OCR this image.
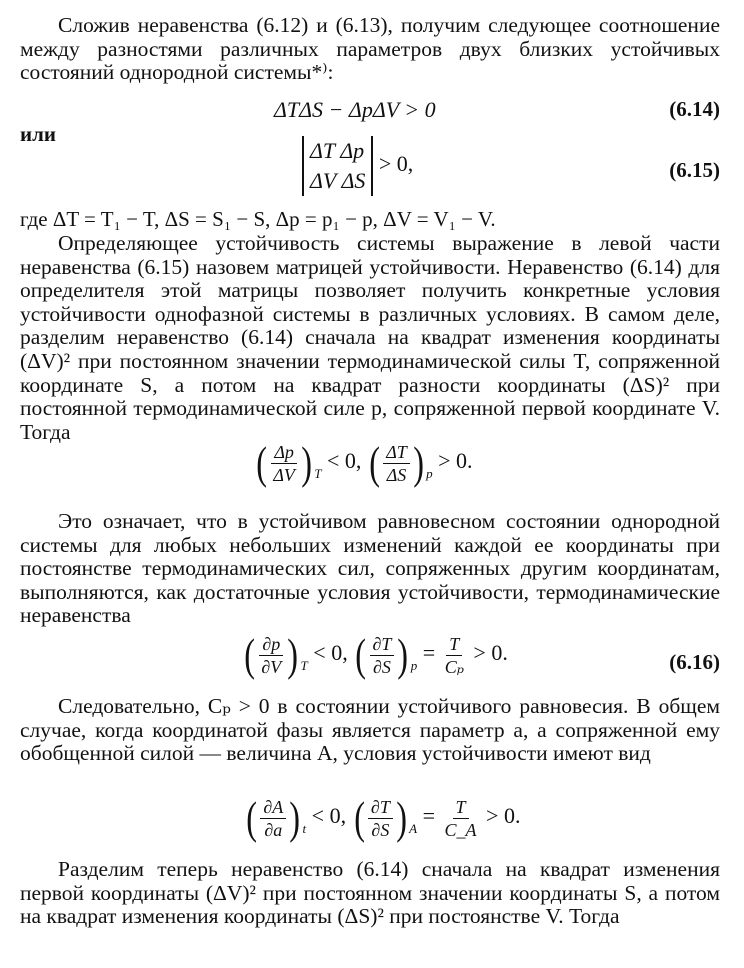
Сложив неравенства (6.12) и (6.13), получим следующее соотношение между разностями различных параметров двух близких устойчивых состояний однородной системы*⁾:

ΔTΔS − ΔpΔV > 0	(6.14)
или
ΔT Δp
ΔV ΔS > 0,	(6.15)
где ΔT = T₁ − T, ΔS = S₁ − S, Δp = p₁ − p, ΔV = V₁ − V.

Определяющее устойчивость системы выражение в левой части неравенства (6.15) назовем матрицей устойчивости. Неравенство (6.14) для определителя этой матрицы позволяет получить конкретные условия устойчивости однофазной системы в различных условиях. В самом деле, разделим неравенство (6.14) сначала на квадрат изменения координаты (ΔV)² при постоянном значении термодинамической силы T, сопряженной координате S, а потом на квадрат разности координаты (ΔS)² при постоянной термодинамической силе p, сопряженной первой координате V. Тогда

( $\frac{\Delta p}{\Delta V}$ ) $_T$ < 0, ( $\frac{\Delta T}{\Delta S}$ ) $_p$ > 0.

Это означает, что в устойчивом равновесном состоянии однородной системы для любых небольших изменений каждой ее координаты при постоянстве термодинамических сил, сопряженных другим координатам, выполняются, как достаточные условия устойчивости, термодинамические неравенства

( $\frac{\partial p}{\partial V}$ ) $_T$ < 0, ( $\frac{\partial T}{\partial S}$ ) $_p = \frac{T}{\text{Cₚ}} > 0$.	(6.16)

Следовательно, Cₚ > 0 в состоянии устойчивого равновесия. В общем случае, когда координатой фазы является параметр a, а сопряженной ему обобщенной силой — величина A, условия устойчивости имеют вид

( $\frac{\partial A}{\partial a}$ ) $_t$ < 0, ( $\frac{\partial T}{\partial S}$ ) $_A = \frac{T}{C\_A} > 0$.

Разделим теперь неравенство (6.14) сначала на квадрат изменения первой координаты (ΔV)² при постоянном значении координаты S, а потом на квадрат изменения координаты (ΔS)² при постоянстве V. Тогда
